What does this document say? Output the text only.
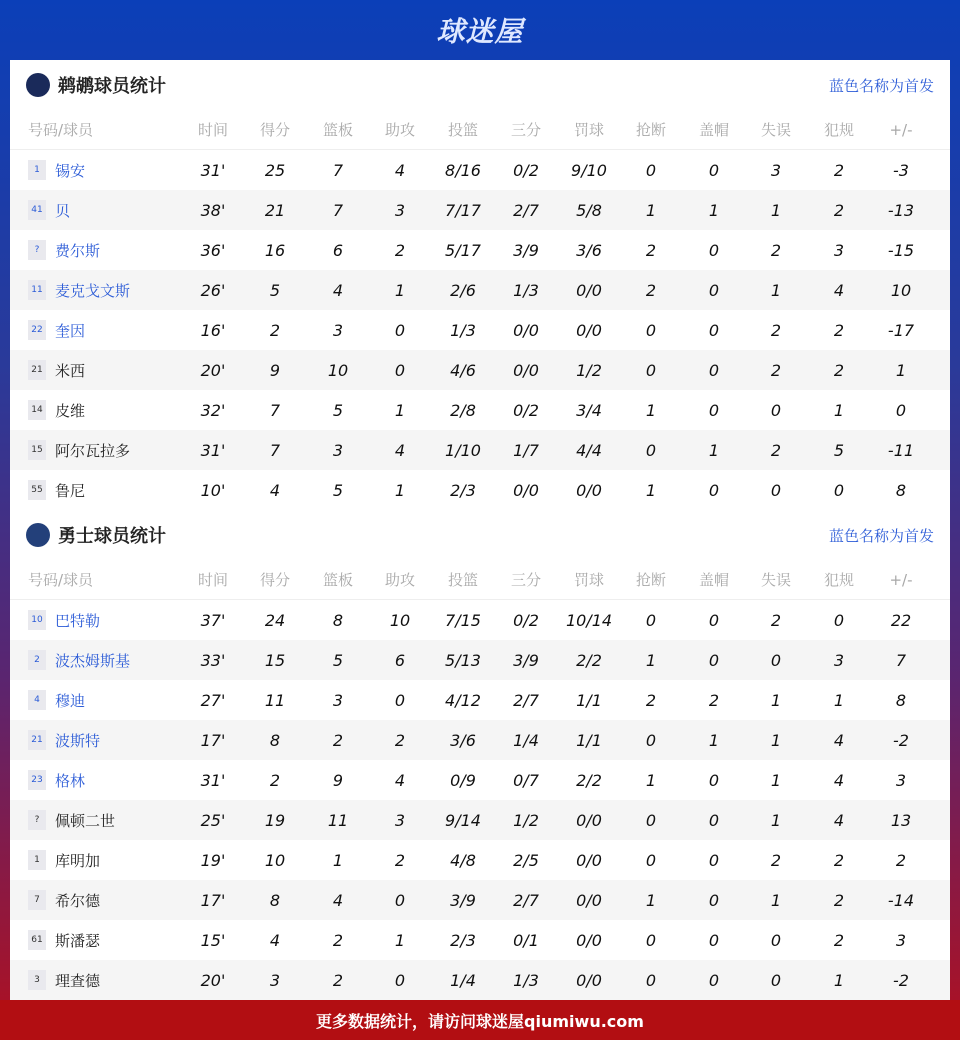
球迷屋
鹈鹕球员统计	蓝色名称为首发
号码/球员	时间	得分	篮板	助攻	投篮	三分	罚球	抢断	盖帽	失误	犯规	+/-
1	锡安	31'	25	7	4	8/16	0/2	9/10	0	0	3	2	-3
41 贝	38'	21	7	3	7/17	2/7	5/8	1	1	1	2	-13
?	费尔斯	36'	16	6	2	5/17	3/9	3/6	2	0	2	3	-15
11 麦克戈文斯	26'	5	4	1	2/6	1/3	0/0	2	0	1	4	10
22 奎因	16'	2	3	0	1/3	0/0	0/0	0	0	2	2	-17
21 米西	20'	9	10	0	4/6	0/0	1/2	0	0	2	2	1
14 皮维	32'	7	5	1	2/8	0/2	3/4	1	0	0	1	0
15 阿尔瓦拉多	31'	7	3	4	1/10	1/7	4/4	0	1	2	5	-11
55 鲁尼	10'	4	5	1	2/3	0/0	0/0	1	0	0	0	8
勇士球员统计	蓝色名称为首发
号码/球员	时间	得分	篮板	助攻	投篮	三分	罚球	抢断	盖帽	失误	犯规	+/-
10 巴特勒	37'	24	8	10	7/15	0/2	10/14	0	0	2	0	22
2	波杰姆斯基	33'	15	5	6	5/13	3/9	2/2	1	0	0	3	7
4	穆迪	27'	11	3	0	4/12	2/7	1/1	2	2	1	1	8
21 波斯特	17'	8	2	2	3/6	1/4	1/1	0	1	1	4	-2
23 格林	31'	2	9	4	0/9	0/7	2/2	1	0	1	4	3
?	佩顿二世	25'	19	11	3	9/14	1/2	0/0	0	0	1	4	13
1	库明加	19'	10	1	2	4/8	2/5	0/0	0	0	2	2	2
7	希尔德	17'	8	4	0	3/9	2/7	0/0	1	0	1	2	-14
61 斯潘瑟	15'	4	2	1	2/3	0/1	0/0	0	0	0	2	3
3	理查德	20'	3	2	0	1/4	1/3	0/0	0	0	0	1	-2
更多数据统计，请访问球迷屋qiumiwu.com
